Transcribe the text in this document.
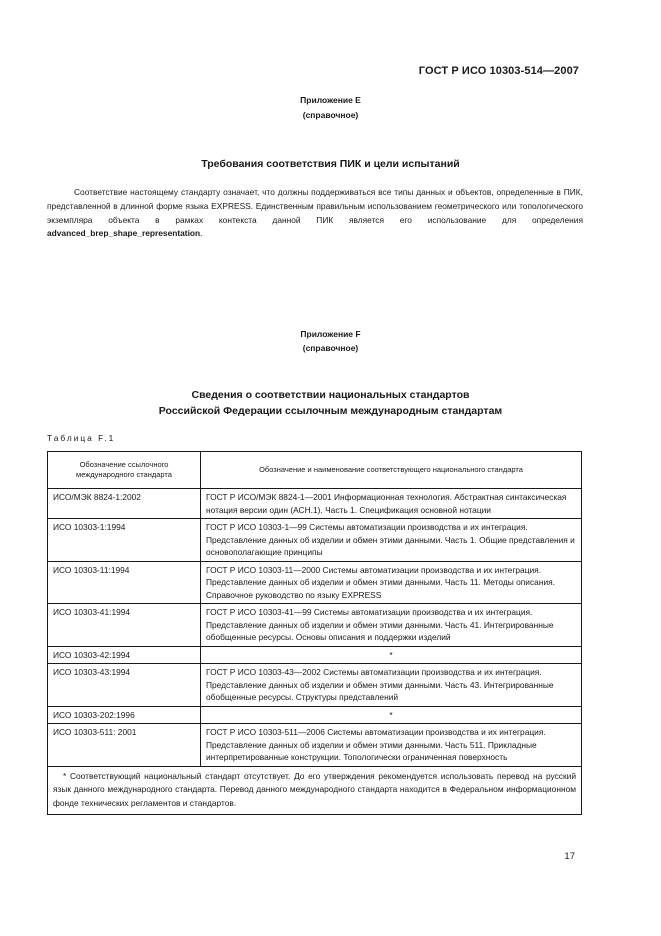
ГОСТ Р ИСО 10303-514—2007
Приложение E
(справочное)
Требования соответствия ПИК и цели испытаний

Соответствие настоящему стандарту означает, что должны поддерживаться все типы данных и объектов, определенные в ПИК, представленной в длинной форме языка EXPRESS. Единственным правильным использованием геометрического или топологического экземпляра объекта в рамках контекста данной ПИК является его использование для определения advanced_brep_shape_representation.

Приложение F
(справочное)
Сведения о соответствии национальных стандартов
Российской Федерации ссылочным международным стандартам
Таблица F.1
Обозначение ссылочного международного стандарта	Обозначение и наименование соответствующего национального стандарта
ИСО/МЭК 8824-1:2002	ГОСТ Р ИСО/МЭК 8824-1—2001 Информационная технология. Абстрактная синтаксическая нотация версии один (АСН.1). Часть 1. Спецификация основной нотации
ИСО 10303-1:1994	ГОСТ Р ИСО 10303-1—99 Системы автоматизации производства и их интеграция. Представление данных об изделии и обмен этими данными. Часть 1. Общие представления и основополагающие принципы
ИСО 10303-11:1994	ГОСТ Р ИСО 10303-11—2000 Системы автоматизации производства и их интеграция. Представление данных об изделии и обмен этими данными. Часть 11. Методы описания. Справочное руководство по языку EXPRESS
ИСО 10303-41:1994	ГОСТ Р ИСО 10303-41—99 Системы автоматизации производства и их интеграция. Представление данных об изделии и обмен этими данными. Часть 41. Интегрированные обобщенные ресурсы. Основы описания и поддержки изделий
ИСО 10303-42:1994	*
ИСО 10303-43:1994	ГОСТ Р ИСО 10303-43—2002 Системы автоматизации производства и их интеграция. Представление данных об изделии и обмен этими данными. Часть 43. Интегрированные обобщенные ресурсы. Структуры представлений
ИСО 10303-202:1996	*
ИСО 10303-511: 2001	ГОСТ Р ИСО 10303-511—2006 Системы автоматизации производства и их интеграция. Представление данных об изделии и обмен этими данными. Часть 511. Прикладные интерпретированные конструкции. Топологически ограниченная поверхность
* Соответствующий национальный стандарт отсутствует. До его утверждения рекомендуется использовать перевод на русский язык данного международного стандарта. Перевод данного международного стандарта находится в Федеральном информационном фонде технических регламентов и стандартов.	
17
